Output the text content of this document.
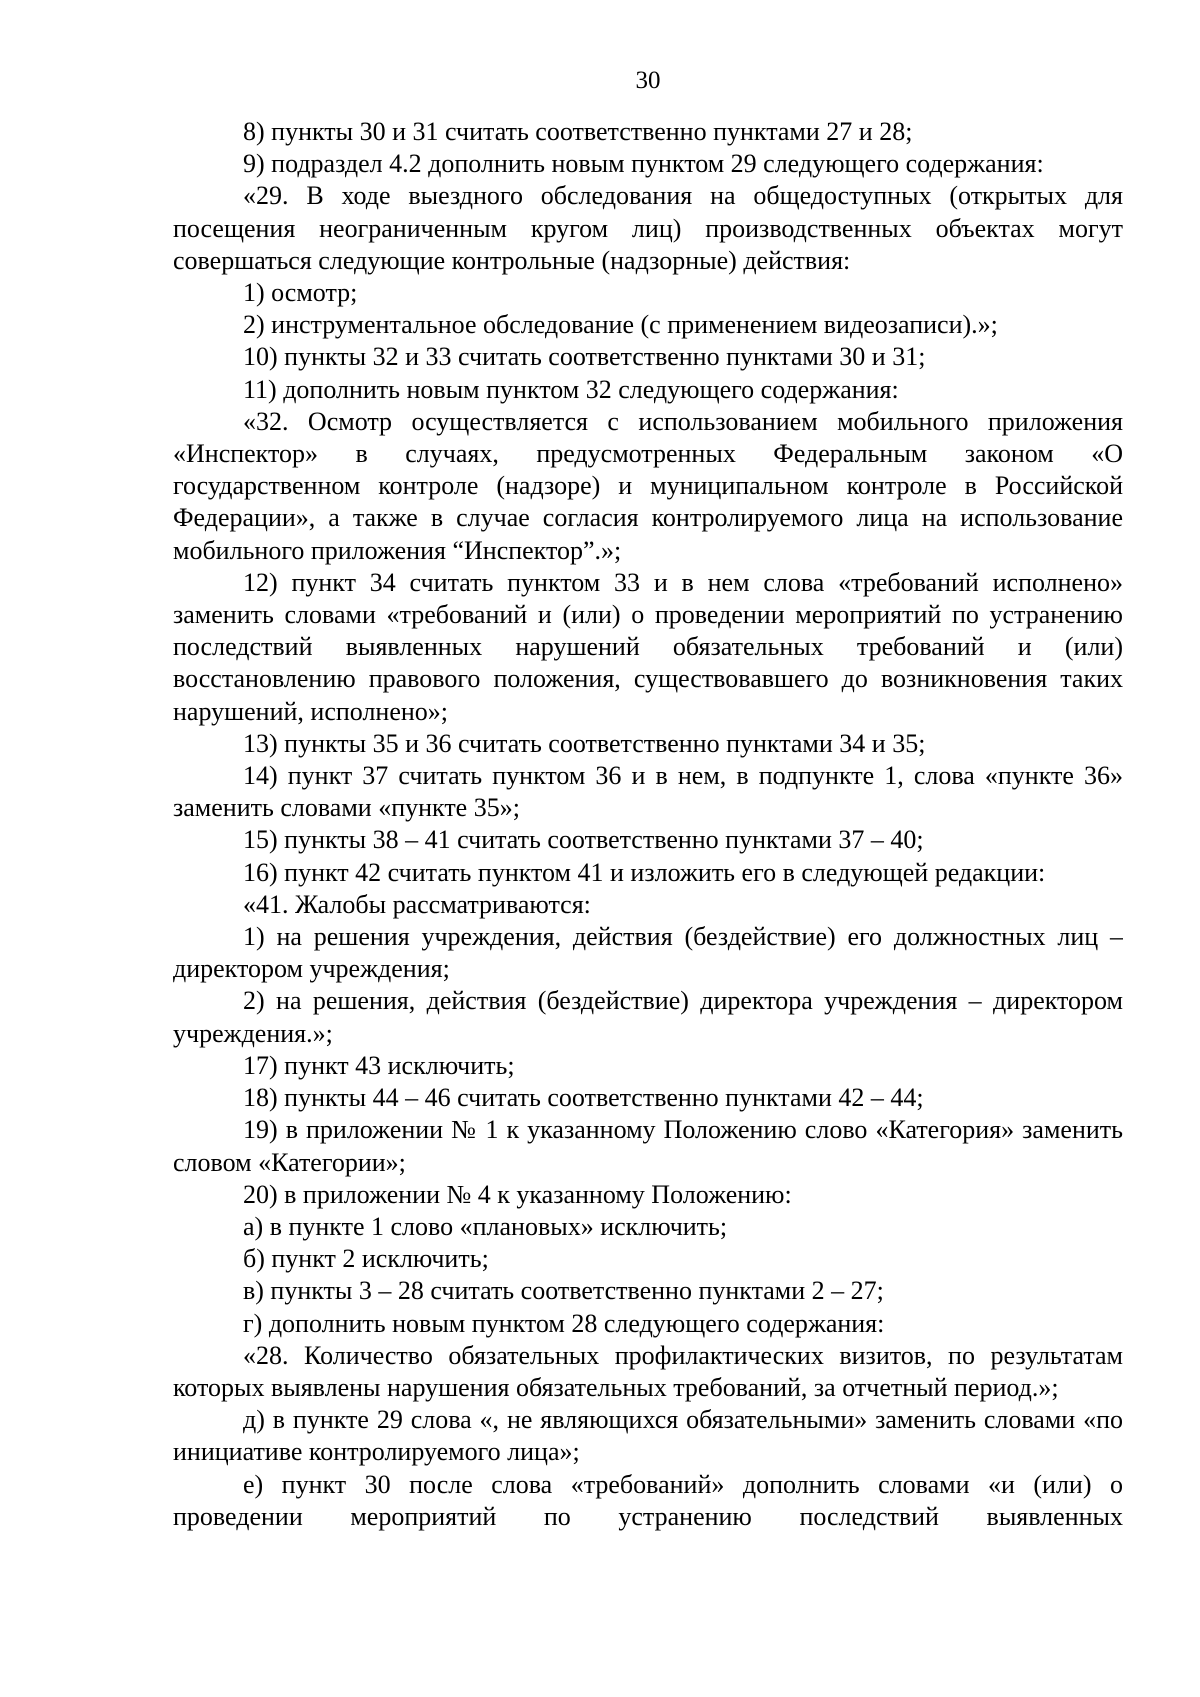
30

8) пункты 30 и 31 считать соответственно пунктами 27 и 28;

9) подраздел 4.2 дополнить новым пунктом 29 следующего содержания:

«29. В ходе выездного обследования на общедоступных (открытых для посещения неограниченным кругом лиц) производственных объектах могут совершаться следующие контрольные (надзорные) действия:

1) осмотр;

2) инструментальное обследование (с применением видеозаписи).»;

10) пункты 32 и 33 считать соответственно пунктами 30 и 31;

11) дополнить новым пунктом 32 следующего содержания:

«32. Осмотр осуществляется с использованием мобильного приложения «Инспектор» в случаях, предусмотренных Федеральным законом «О государственном контроле (надзоре) и муниципальном контроле в Российской Федерации», а также в случае согласия контролируемого лица на использование мобильного приложения “Инспектор”.»;

12) пункт 34 считать пунктом 33 и в нем слова «требований исполнено» заменить словами «требований и (или) о проведении мероприятий по устранению последствий выявленных нарушений обязательных требований и (или) восстановлению правового положения, существовавшего до возникновения таких нарушений, исполнено»;

13) пункты 35 и 36 считать соответственно пунктами 34 и 35;

14) пункт 37 считать пунктом 36 и в нем, в подпункте 1, слова «пункте 36» заменить словами «пункте 35»;

15) пункты 38 – 41 считать соответственно пунктами 37 – 40;

16) пункт 42 считать пунктом 41 и изложить его в следующей редакции:

«41. Жалобы рассматриваются:

1) на решения учреждения, действия (бездействие) его должностных лиц – директором учреждения;

2) на решения, действия (бездействие) директора учреждения – директором учреждения.»;

17) пункт 43 исключить;

18) пункты 44 – 46 считать соответственно пунктами 42 – 44;

19) в приложении № 1 к указанному Положению слово «Категория» заменить словом «Категории»;

20) в приложении № 4 к указанному Положению:

а) в пункте 1 слово «плановых» исключить;

б) пункт 2 исключить;

в) пункты 3 – 28 считать соответственно пунктами 2 – 27;

г) дополнить новым пунктом 28 следующего содержания:

«28. Количество обязательных профилактических визитов, по результатам которых выявлены нарушения обязательных требований, за отчетный период.»;

д) в пункте 29 слова «, не являющихся обязательными» заменить словами «по инициативе контролируемого лица»;

е) пункт 30 после слова «требований» дополнить словами «и (или) о проведении мероприятий по устранению последствий выявленных
